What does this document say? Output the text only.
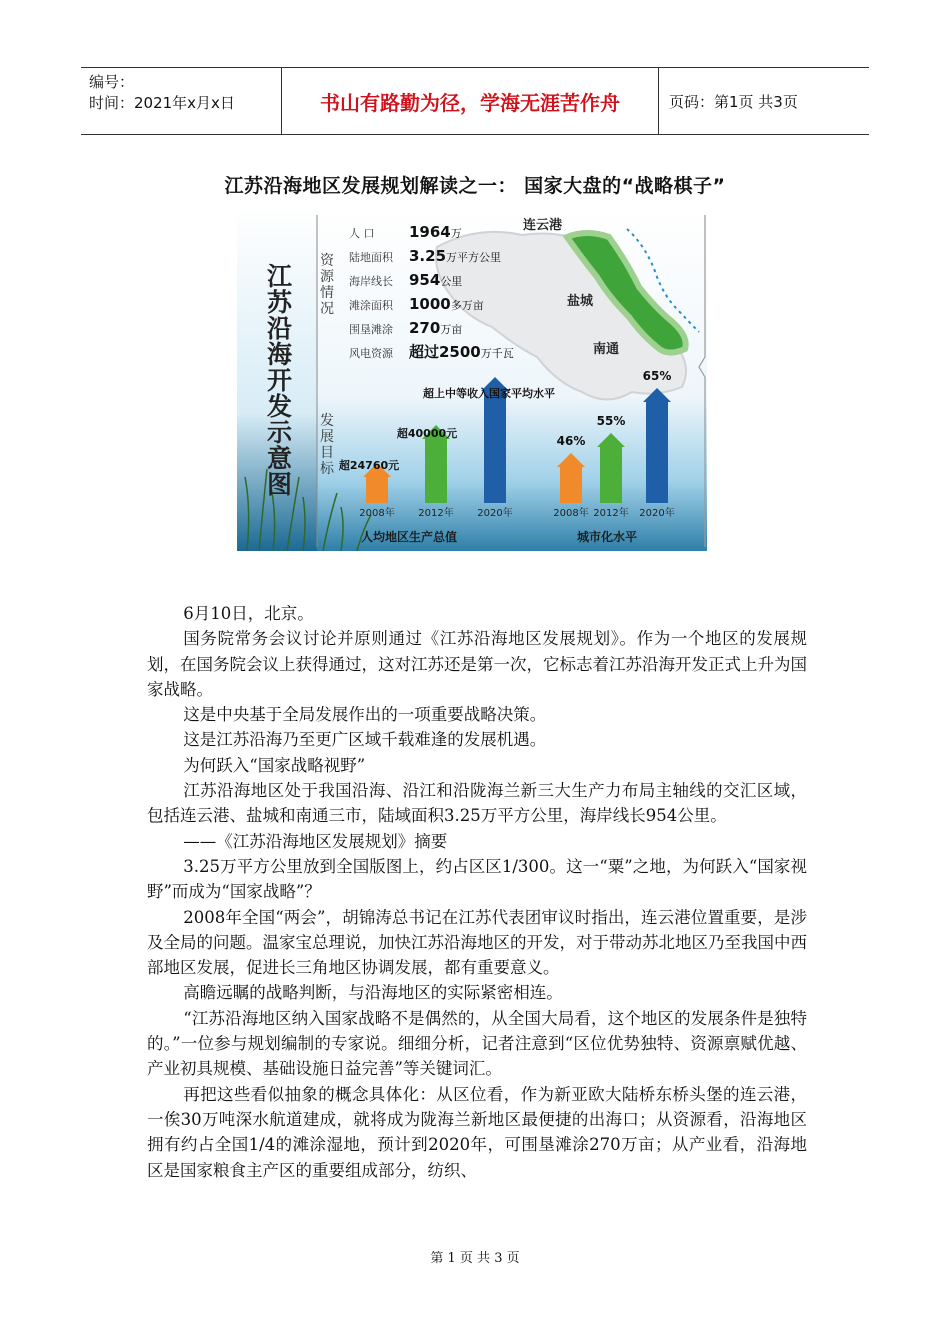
编号：
时间：2021年x月x日	书山有路勤为径，学海无涯苦作舟	页码：第1页 共3页
江苏沿海地区发展规划解读之一： 国家大盘的“战略棋子”
江苏沿海开发示意图
资源情况
发展目标
连云港
盐城
南通
人 口 1964万
陆地面积 3.25万平方公里
海岸线长 954公里
滩涂面积 1000多万亩
围垦滩涂 270万亩
风电资源 超过2500万千瓦
2008年 2012年 2020年
超24760元
超40000元
超上中等收入国家平均水平
2008年
46%
2012年
55%
2020年
65%
人均地区生产总值	城市化水平

6月10日，北京。

国务院常务会议讨论并原则通过《江苏沿海地区发展规划》。作为一个地区的发展规划，在国务院会议上获得通过，这对江苏还是第一次，它标志着江苏沿海开发正式上升为国家战略。

这是中央基于全局发展作出的一项重要战略决策。

这是江苏沿海乃至更广区域千载难逢的发展机遇。

为何跃入“国家战略视野”

江苏沿海地区处于我国沿海、沿江和沿陇海兰新三大生产力布局主轴线的交汇区域，包括连云港、盐城和南通三市，陆域面积3.25万平方公里，海岸线长954公里。

——《江苏沿海地区发展规划》摘要

3.25万平方公里放到全国版图上，约占区区1/300。这一“粟”之地，为何跃入“国家视野”而成为“国家战略”？

2008年全国“两会”，胡锦涛总书记在江苏代表团审议时指出，连云港位置重要，是涉及全局的问题。温家宝总理说，加快江苏沿海地区的开发，对于带动苏北地区乃至我国中西部地区发展，促进长三角地区协调发展，都有重要意义。

高瞻远瞩的战略判断，与沿海地区的实际紧密相连。

“江苏沿海地区纳入国家战略不是偶然的，从全国大局看，这个地区的发展条件是独特的。”一位参与规划编制的专家说。细细分析，记者注意到“区位优势独特、资源禀赋优越、产业初具规模、基础设施日益完善”等关键词汇。

再把这些看似抽象的概念具体化：从区位看，作为新亚欧大陆桥东桥头堡的连云港，一俟30万吨深水航道建成，就将成为陇海兰新地区最便捷的出海口；从资源看，沿海地区拥有约占全国1/4的滩涂湿地，预计到2020年，可围垦滩涂270万亩；从产业看，沿海地区是国家粮食主产区的重要组成部分，纺织、

第 1 页 共 3 页
